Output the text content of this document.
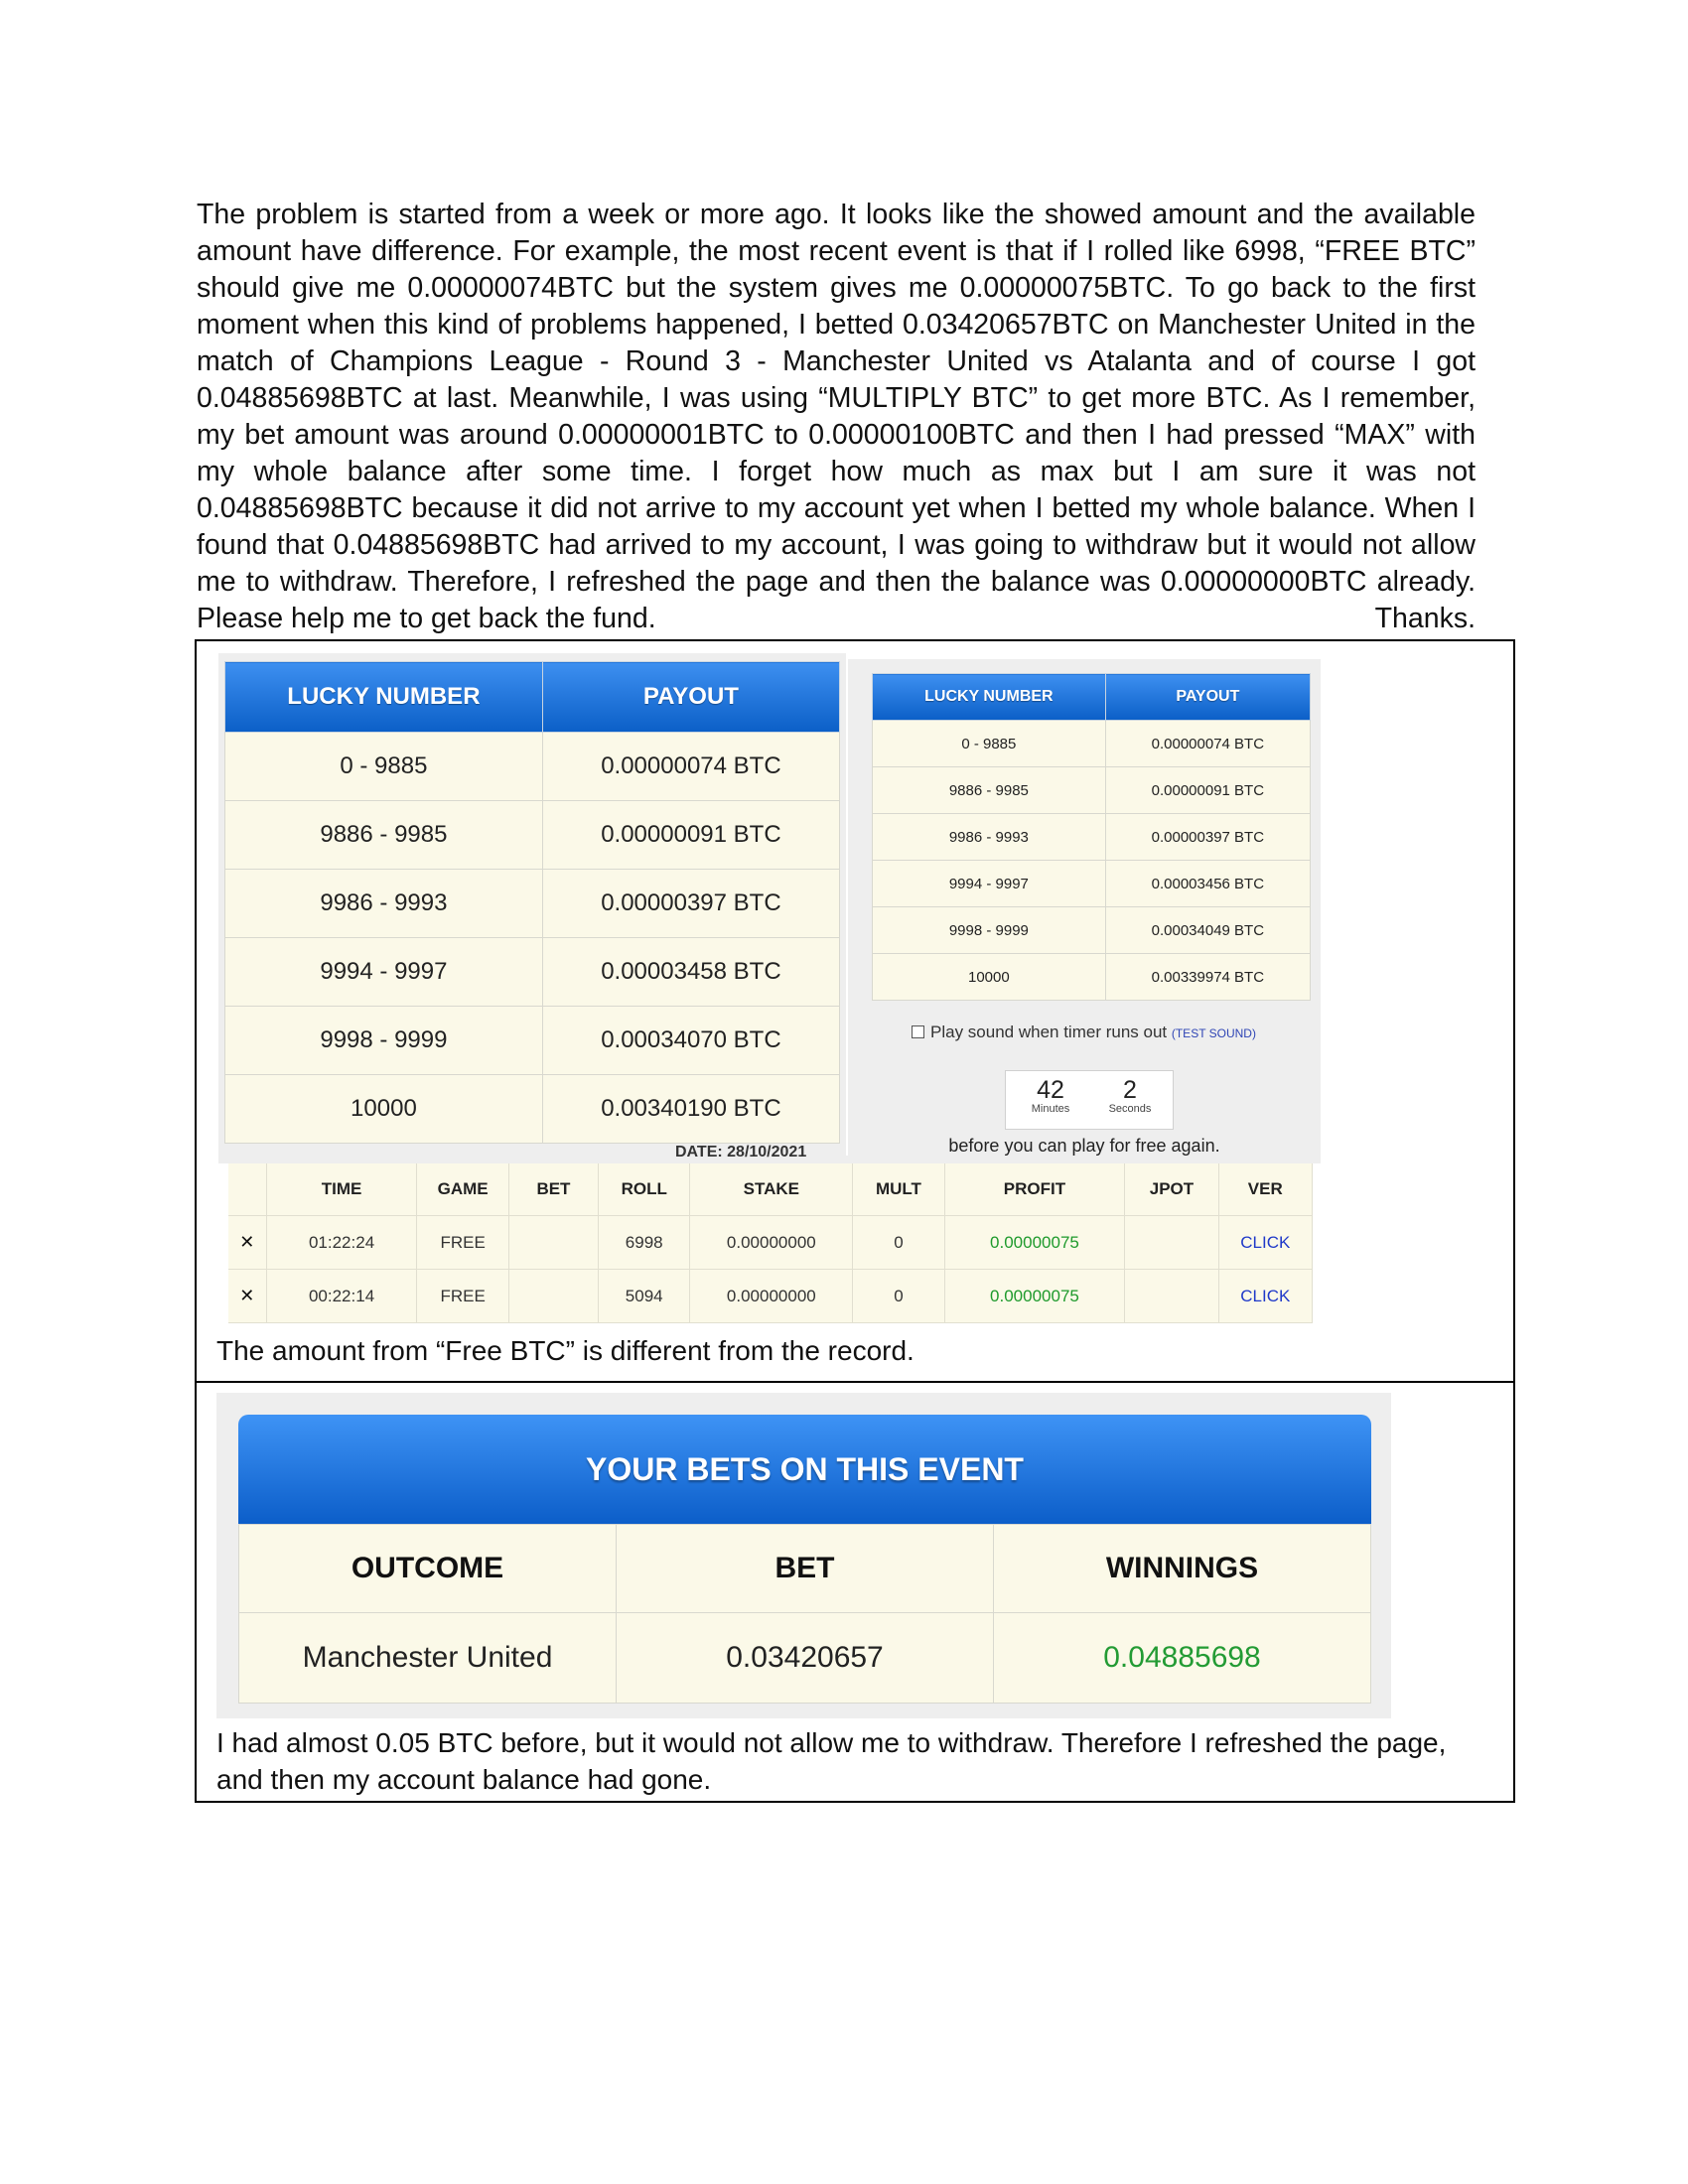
The problem is started from a week or more ago. It looks like the showed amount and the available amount have difference. For example, the most recent event is that if I rolled like 6998, “FREE BTC” should give me 0.00000074BTC but the system gives me 0.00000075BTC. To go back to the first moment when this kind of problems happened, I betted 0.03420657BTC on Manchester United in the match of Champions League - Round 3 - Manchester United vs Atalanta and of course I got 0.04885698BTC at last. Meanwhile, I was using “MULTIPLY BTC” to get more BTC. As I remember, my bet amount was around 0.00000001BTC to 0.00000100BTC and then I had pressed “MAX” with my whole balance after some time. I forget how much as max but I am sure it was not 0.04885698BTC because it did not arrive to my account yet when I betted my whole balance. When I found that 0.04885698BTC had arrived to my account, I was going to withdraw but it would not allow me to withdraw. Therefore, I refreshed the page and then the balance was 0.00000000BTC already. Please help me to get back the fund.	Thanks.
LUCKY NUMBER	PAYOUT
0 - 9885	0.00000074 BTC
9886 - 9985	0.00000091 BTC
9986 - 9993	0.00000397 BTC
9994 - 9997	0.00003458 BTC
9998 - 9999	0.00034070 BTC
10000	0.00340190 BTC
LUCKY NUMBER	PAYOUT
0 - 9885	0.00000074 BTC
9886 - 9985	0.00000091 BTC
9986 - 9993	0.00000397 BTC
9994 - 9997	0.00003456 BTC
9998 - 9999	0.00034049 BTC
10000	0.00339974 BTC
Play sound when timer runs out (TEST SOUND)
42
Minutes
2
Seconds
before you can play for free again.
DATE: 28/10/2021
	TIME	GAME	BET	ROLL	STAKE	MULT	PROFIT	JPOT	VER
✕	01:22:24	FREE		6998	0.00000000	0	0.00000075		CLICK
✕	00:22:14	FREE		5094	0.00000000	0	0.00000075		CLICK

The amount from “Free BTC” is different from the record.

YOUR BETS ON THIS EVENT
OUTCOME	BET	WINNINGS
Manchester United	0.03420657	0.04885698

I had almost 0.05 BTC before, but it would not allow me to withdraw. Therefore I refreshed the page,

and then my account balance had gone.
